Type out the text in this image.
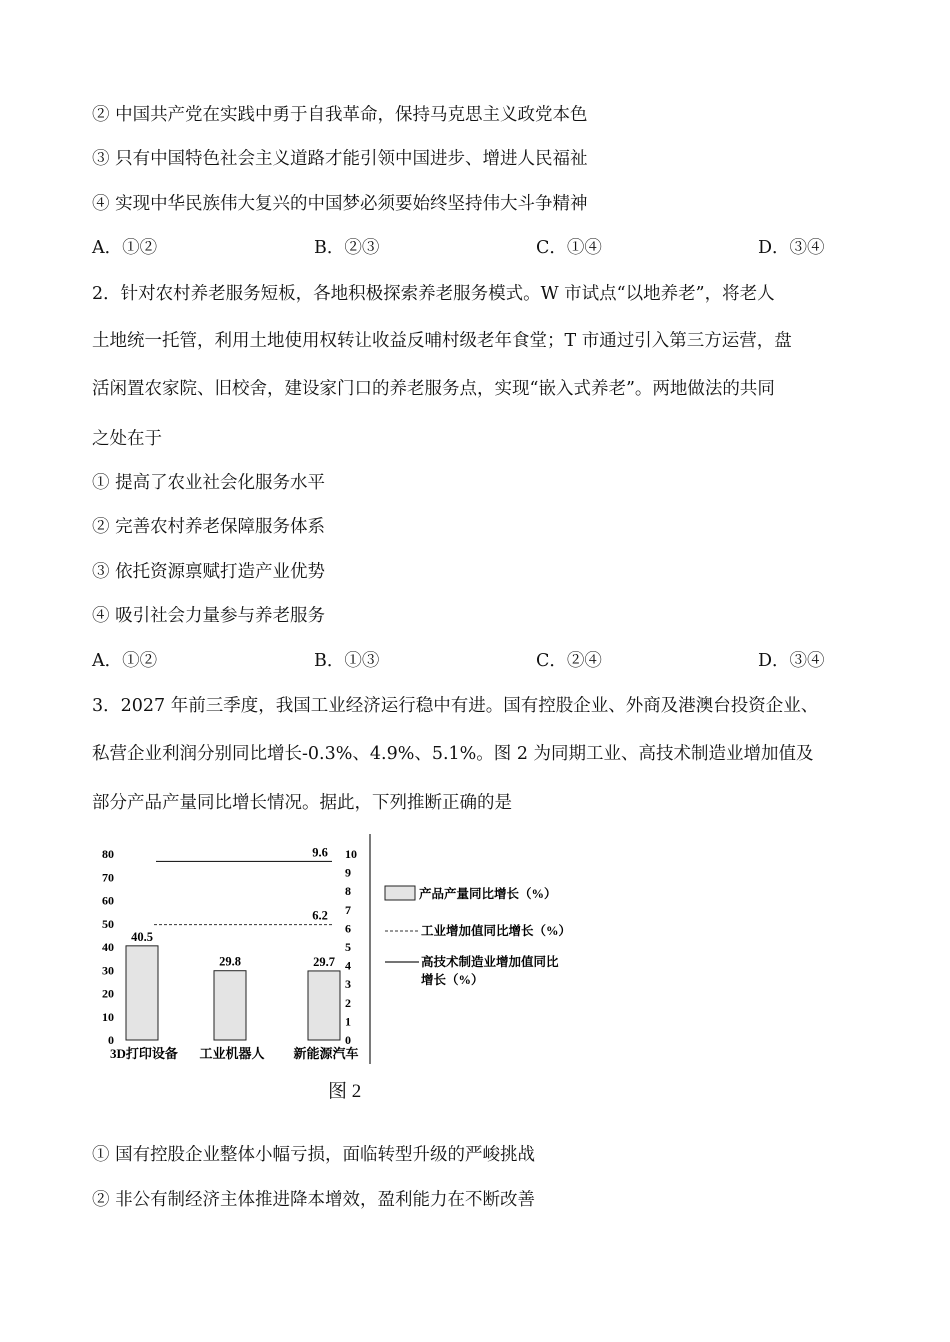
② 中国共产党在实践中勇于自我革命，保持马克思主义政党本色

③ 只有中国特色社会主义道路才能引领中国进步、增进人民福祉

④ 实现中华民族伟大复兴的中国梦必须要始终坚持伟大斗争精神

A．①②	B．②③	C．①④	D．③④

2．针对农村养老服务短板，各地积极探索养老服务模式。W 市试点“以地养老”，将老人

土地统一托管，利用土地使用权转让收益反哺村级老年食堂；T 市通过引入第三方运营，盘

活闲置农家院、旧校舍，建设家门口的养老服务点，实现“嵌入式养老”。两地做法的共同

之处在于

① 提高了农业社会化服务水平

② 完善农村养老保障服务体系

③ 依托资源禀赋打造产业优势

④ 吸引社会力量参与养老服务

A．①②	B．①③	C．②④	D．③④

3．2027 年前三季度，我国工业经济运行稳中有进。国有控股企业、外商及港澳台投资企业、

私营企业利润分别同比增长-0.3%、4.9%、5.1%。图 2 为同期工业、高技术制造业增加值及

部分产品产量同比增长情况。据此，下列推断正确的是

0
10
20
30
40
50
60
70
80
0
1
2
3
4
5
6
7
8
9
10
40.5
29.8	29.7
3D打印设备 工业机器人 新能源汽车
6.2
9.6
产品产量同比增长（%）
工业增加值同比增长（%）
高技术制造业增加值同比
增长（%）
图 2

① 国有控股企业整体小幅亏损，面临转型升级的严峻挑战

② 非公有制经济主体推进降本增效，盈利能力在不断改善
